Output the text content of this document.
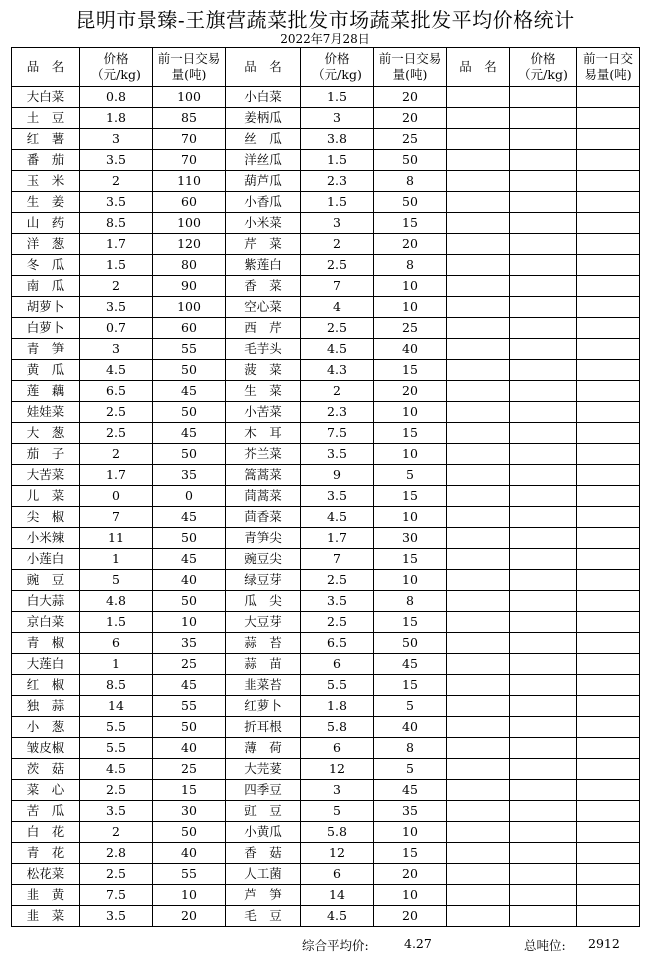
昆明市景臻-王旗营蔬菜批发市场蔬菜批发平均价格统计
2022年7月28日
品　名	价格（元/kg)	前一日交易量(吨)	品　名	价格（元/kg)	前一日交易量(吨)	品　名	价格（元/kg)	前一日交易量(吨)
大白菜	0.8	100	小白菜	1.5	20			
土　豆	1.8	85	姜柄瓜	3	20			
红　薯	3	70	丝　瓜	3.8	25			
番　茄	3.5	70	洋丝瓜	1.5	50			
玉　米	2	110	葫芦瓜	2.3	8			
生　姜	3.5	60	小香瓜	1.5	50			
山　药	8.5	100	小米菜	3	15			
洋　葱	1.7	120	芹　菜	2	20			
冬　瓜	1.5	80	紫莲白	2.5	8			
南　瓜	2	90	香　菜	7	10			
胡萝卜	3.5	100	空心菜	4	10			
白萝卜	0.7	60	西　芹	2.5	25			
青　笋	3	55	毛芋头	4.5	40			
黄　瓜	4.5	50	菠　菜	4.3	15			
莲　藕	6.5	45	生　菜	2	20			
娃娃菜	2.5	50	小苦菜	2.3	10			
大　葱	2.5	45	木　耳	7.5	15			
茄　子	2	50	芥兰菜	3.5	10			
大苦菜	1.7	35	篙蒿菜	9	5			
儿　菜	0	0	茼蒿菜	3.5	15			
尖　椒	7	45	茴香菜	4.5	10			
小米辣	11	50	青笋尖	1.7	30			
小莲白	1	45	豌豆尖	7	15			
豌　豆	5	40	绿豆芽	2.5	10			
白大蒜	4.8	50	瓜　尖	3.5	8			
京白菜	1.5	10	大豆芽	2.5	15			
青　椒	6	35	蒜　苔	6.5	50			
大莲白	1	25	蒜　苗	6	45			
红　椒	8.5	45	韭菜苔	5.5	15			
独　蒜	14	55	红萝卜	1.8	5			
小　葱	5.5	50	折耳根	5.8	40			
皱皮椒	5.5	40	薄　荷	6	8			
茨　菇	4.5	25	大芫荽	12	5			
菜　心	2.5	15	四季豆	3	45			
苦　瓜	3.5	30	豇　豆	5	35			
白　花	2	50	小黄瓜	5.8	10			
青　花	2.8	40	香　菇	12	15			
松花菜	2.5	55	人工菌	6	20			
韭　黄	7.5	10	芦　笋	14	10			
韭　菜	3.5	20	毛　豆	4.5	20			
综合平均价:	4.27	总吨位: 2912
